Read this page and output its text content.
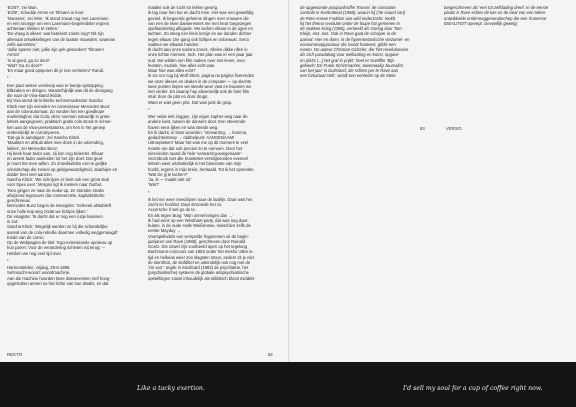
'Echt?', zei Wan.

'Echt!', schudde Armin en Tilmann in koor.

'Nonsens', zei Wim. 'Ik stond zowat nog met Laermann

en een snoepje om een Laermann-begeleidster ergens

achteraan slinken te zetten.'

'De vraag is alleen: wat betekent zoiets nog? Dit zijn

allemaal ontwikkelingen van de laatste maanden, waarvan

zelfs aanzetten.'

'Jullie sporen niet, jullie zijn gek geworden!' Tilmann!

Armin!'

'Is al goed, ga zo door!'

'Wat? Ga zo door?'

'En maar goed opsporen dit je non verliezen!' Randi.

*

Een paar weken verderop was er beetje opstopping.

Blikzaken en dringen. Waarschijnlijk was dit de doorgang

die naar de Viva-stand leidde.

Bij Viva stond de kritische technomoderator Sascha

Klöck met zijn vrienden en connoisseur Mercedes Bunz

aan de cola-automaat. Zo vonden het een goedkope

marketinglruc dat Cola; deze noemen natuurlijk in grote

letters aangegeven; praktisch gratis cola stond te schen-

ken aan de Viva-presentatorss, om hen in het geniep

omtrendelijk te corrumperen.

'Dat ga ik aandagen', zei Sascha Klöck.

'Maakten en afsluiit alles mee doen in de uitzending,

lekker', zei Mercedes Bunz.

Hij keek haar tedor aan, zij kon nog tederder. Elkaar

en areest fader aanleiden tot het zijn doel. Dat geal-

je moet het mee willen. Zo ontwikkelden een te gelijke

vriendschap die zoveel op geldgewaardigheid, daarbijen en

dalder heel veel aanzen.

Sascha Klöck: 'We schrijven er best ook een groot stuk

voor Spex over.' Morgen ligt ik meteen naar Guthut.

Toen gingen ze naar de make-up. Ze stonden straks

afwijzend tegenover dat commerciële, kapitalistische

geschreeuw.

Mercedes Bunz begon de sneegsite: 'Schreek alstublieft

onze holle kop weg zodat we lichtjes lijken.'

De visagiste: 'Ik dacht dat er nog een ruzje kwamen

in zat.'

Sascha Klöck: 'Mogelijk werden ze bij die schandelijke

aanval van de cola-rebellie daarmee volledig weggemaagd!'

Einde van de comic.

Op de Webpagina de titel: 'Ego-extensionele opnieuw op

hun paren: Voor de verandering schieten wij terug.' –

Hebben we nog veel tijd over.

*

Harmontelden, vrijdag, 28-6-1996.

Sehnsucht-woord: woordmachine.

Aan die machine hoorden twee dassenessen mef hoog-

opgestoken armen nu het lichte van hun dwalis, en dat

maakte ook de lucht so lekker gewrig.

Ik lag naar hen toe en dacht mee. Het was een gewelldig

gevoel. Ik begeerde geheime dingen over vrouwen die

van een de twee danseresses me met hear toegezegen

spellandenstig afkigede. We lachen elkaar in de ogen en

lachten. Zo steeg een klein konijn en we danden dichter

tegen elkaar. Die gang ook lichtjes en onbewust. Sena

raakten we elkaars handen.

Ik dacht aan onze toeloru-zonos. Allelen dikke rillen in

onze lichtte mensen, toch. Het plan was er een paar jaar

oud. We wilden een film maken over ons leven, over

feesten, muziek, hoe alles echt was.

Maar hoe was alles echt?

Ik zie nor nog bij Wolf zitten; pagina na pagina fixerenden

we onze ideeen en dealen in de computer — op slechts

twee punten liepen we steeds weer vast en kwamen we

niet verder. En daarop hay afwenselijk ook de hele film

stuk: door de plot en door drugs.

Want er was geen plot. Dat was juist de grap.

*

Wer velde iets zeggen, zijn eigen zapher weg naar de

andere kant, tussen de dansers door. Een steenrode

haven eens lijken en was steeds weg.

En ik dacht, in boss woorden: 'Verwarring, → komma,

gedachtestreep → dubbelpunt: AANGENAAM!

Uitroepteken!' Maar het was me op dit moment te veel

moeite om dat ook precies zo te menoen. Door het

niet-vinden raand de hele 'verwarring-aangenaam'-

vicombook niet alle troostelen-verstigsoorden eveneel

letterin weer uitdrukkelijk in het binnenste van mijn

hoofd, ergens in mijn brein, herhaald. Tot ik het opmerkte.

'Wat zie jij te lachen?'

'Ja, ik — maakt niet uit.'

'Wat?'

*

Ik liet me weer meedrijven naar de laatlijn. Daar was het

zacht en hoofdel. Daar stroomde het zo.

Accersche rl wel go de te.

En als tegen Burg: 'Wijn onmenningen dan →'

Ik had eens op een Westham-party, dat was nog daar-

buiten, in de oude Halle Weißensee, misschien zelfs de

eerste Mayday →

Voorspellodels van verspelde fragmenten uit de begin-

jaarjaren van Rave (1988), geschreven door Rainald

Goetz. Die zowel zijn voorbeeld open op het tegelang

Bachmann-concours van 1983 onder het mesho 'alles in-

tijd en helkeas weer zon slagsten stoon, anders zit je niet

de stentrbot, de stofdiltel en uiteindelijk ook nog met de

'zin van'', tegde in Siedtcard (1983) de psychiatrie, het

(psychiatrische) systeem de globale antipsychiatrische

opstellingen zowel inhoudelijk als stilistisch blooit middels

REKTO	62

de opgewonde postpunkroffer Rassel, de constante

controle in Kontrollerat (1988), waarin hij ('de sound van)

de Rote Armee Fraktion van wild onderzocht. Ineldt

hij het thema revolutie onder de loupe hoi gemenen in

de stukken Krieg (1986), verbeeld als Oorlog door Tom

Kleijn, enz. enz. Ook in Rave gaat de schrijver in de

aanval: Hier en doen, in de hypermetastische verzamel- en

economenapparatuur die Goetz hanteert, gilcht een

meem. De auteur Christian Gidssler, die 'het revolutionaire

dis zich paradalwig voor wellouding en kunst, opgave

en plicht (...) het graf in prijkt', heet er Gwölfler 'Bijn

gebieds' Ezi Frank Schirrmacher, tweemaalig Journalist

van het jaar' in Duitsland, die schten per te Rave aan

een fortuinaal stelt', wordt een eenleder op de Steie

toegeschreven als 'een tot zelfdading dreef. In de eerste

plaats is Rave echter de kas en de beat van een teken-

ontwikkelde ondermeggeneratiechep die een 'immense

IDEALITEIT opreept. Gevoellijk geweig'.

VERSO
63
Like a tacky exertion.	I'd sell my soul for a cup of coffee right now.
